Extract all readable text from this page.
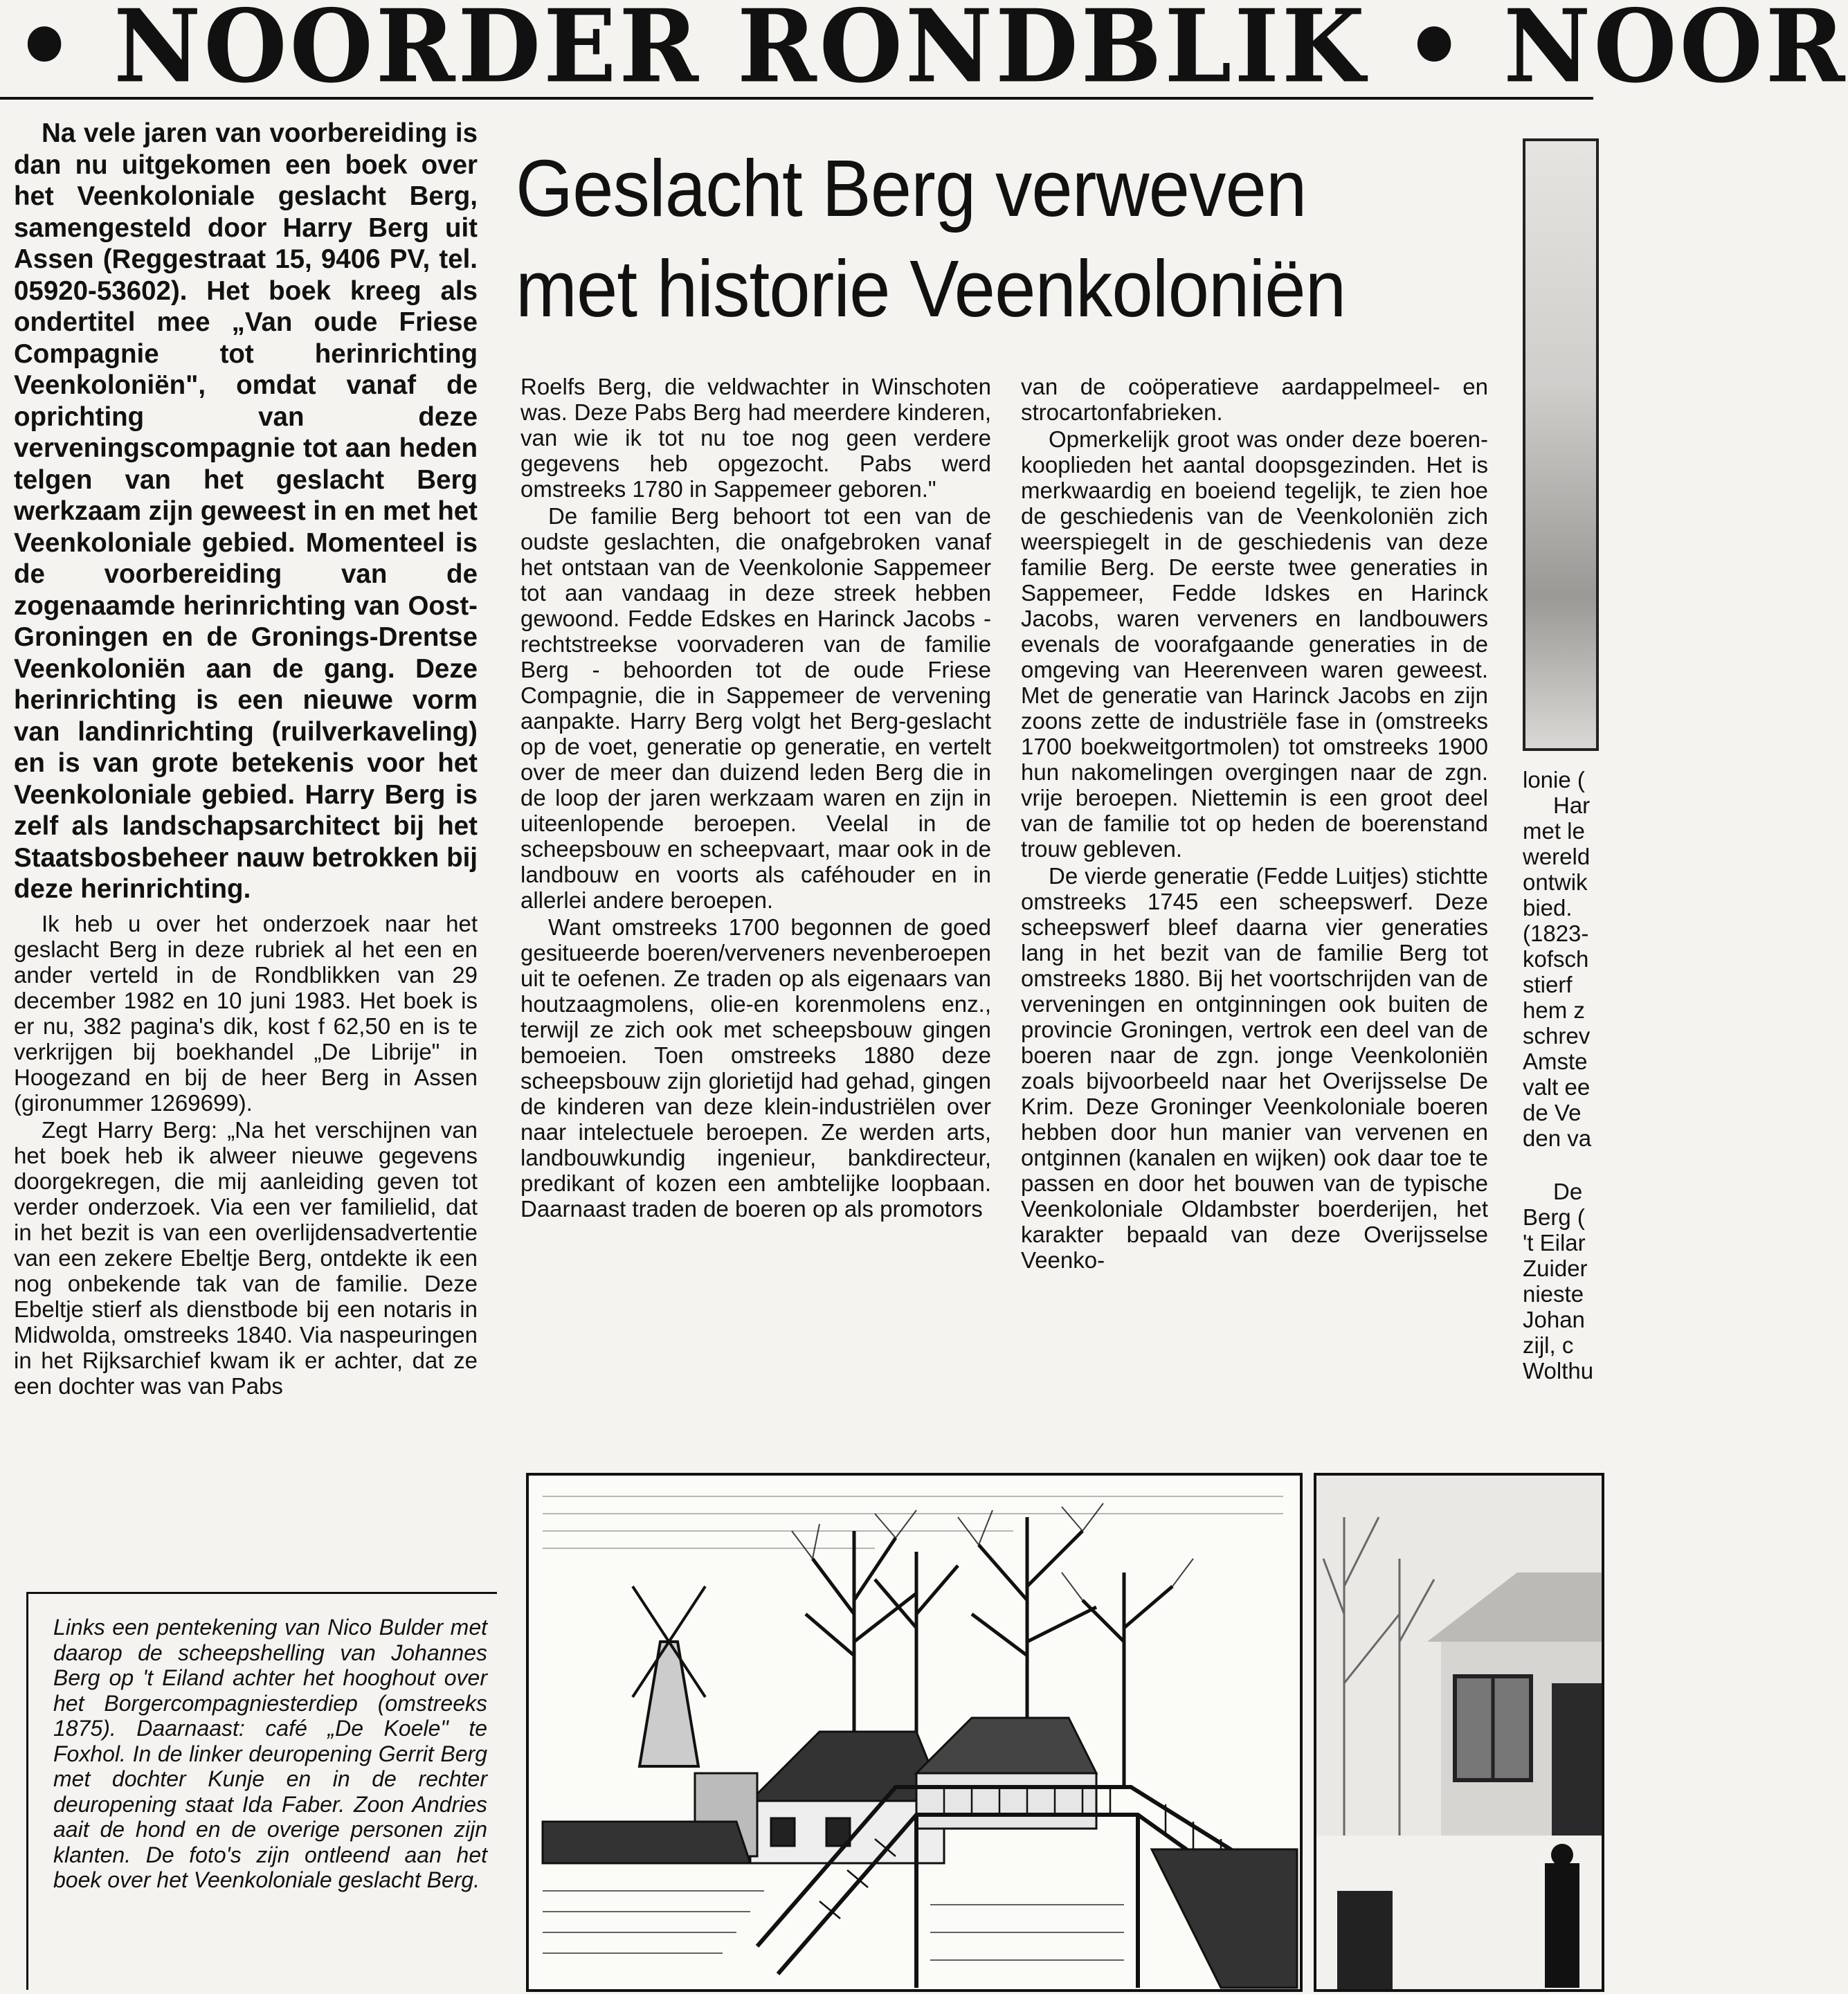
• NOORDER RONDBLIK • NOOR

Na vele jaren van voorbereiding is dan nu uitgekomen een boek over het Veenkoloniale geslacht Berg, samengesteld door Harry Berg uit Assen (Reggestraat 15, 9406 PV, tel. 05920-53602). Het boek kreeg als ondertitel mee „Van oude Friese Compagnie tot herinrichting Veenkoloniën", omdat vanaf de oprichting van deze verveningscompagnie tot aan heden telgen van het geslacht Berg werkzaam zijn geweest in en met het Veenkoloniale gebied. Momenteel is de voorbereiding van de zogenaamde herinrichting van Oost-Groningen en de Gronings-Drentse Veenkoloniën aan de gang. Deze herinrichting is een nieuwe vorm van landinrichting (ruilverkaveling) en is van grote betekenis voor het Veenkoloniale gebied. Harry Berg is zelf als landschapsarchitect bij het Staatsbosbeheer nauw betrokken bij deze herinrichting.

Ik heb u over het onderzoek naar het geslacht Berg in deze rubriek al het een en ander verteld in de Rondblikken van 29 december 1982 en 10 juni 1983. Het boek is er nu, 382 pagina's dik, kost f 62,50 en is te verkrijgen bij boekhandel „De Librije" in Hoogezand en bij de heer Berg in Assen (gironummer 1269699).

Zegt Harry Berg: „Na het verschijnen van het boek heb ik alweer nieuwe gegevens doorgekregen, die mij aanleiding geven tot verder onderzoek. Via een ver familielid, dat in het bezit is van een overlijdensadvertentie van een zekere Ebeltje Berg, ontdekte ik een nog onbekende tak van de familie. Deze Ebeltje stierf als dienstbode bij een notaris in Midwolda, omstreeks 1840. Via naspeuringen in het Rijksarchief kwam ik er achter, dat ze een dochter was van Pabs

Geslacht Berg verweven
met historie Veenkoloniën

Roelfs Berg, die veldwachter in Winschoten was. Deze Pabs Berg had meerdere kinderen, van wie ik tot nu toe nog geen verdere gegevens heb opgezocht. Pabs werd omstreeks 1780 in Sappemeer geboren."

De familie Berg behoort tot een van de oudste geslachten, die onafgebroken vanaf het ontstaan van de Veenkolonie Sappemeer tot aan vandaag in deze streek hebben gewoond. Fedde Edskes en Harinck Jacobs - rechtstreekse voorvaderen van de familie Berg - behoorden tot de oude Friese Compagnie, die in Sappemeer de vervening aanpakte. Harry Berg volgt het Berg-geslacht op de voet, generatie op generatie, en vertelt over de meer dan duizend leden Berg die in de loop der jaren werkzaam waren en zijn in uiteenlopende beroepen. Veelal in de scheepsbouw en scheepvaart, maar ook in de landbouw en voorts als caféhouder en in allerlei andere beroepen.

Want omstreeks 1700 begonnen de goed gesitueerde boeren/verveners nevenberoepen uit te oefenen. Ze traden op als eigenaars van houtzaagmolens, olie-en korenmolens enz., terwijl ze zich ook met scheepsbouw gingen bemoeien. Toen omstreeks 1880 deze scheepsbouw zijn glorietijd had gehad, gingen de kinderen van deze klein-industriëlen over naar intelectuele beroepen. Ze werden arts, landbouwkundig ingenieur, bankdirecteur, predikant of kozen een ambtelijke loopbaan. Daarnaast traden de boeren op als promotors

van de coöperatieve aardappelmeel- en strocartonfabrieken.

Opmerkelijk groot was onder deze boeren-kooplieden het aantal doopsgezinden. Het is merkwaardig en boeiend tegelijk, te zien hoe de geschiedenis van de Veenkoloniën zich weerspiegelt in de geschiedenis van deze familie Berg. De eerste twee generaties in Sappemeer, Fedde Idskes en Harinck Jacobs, waren verveners en landbouwers evenals de voorafgaande generaties in de omgeving van Heerenveen waren geweest. Met de generatie van Harinck Jacobs en zijn zoons zette de industriële fase in (omstreeks 1700 boekweitgortmolen) tot omstreeks 1900 hun nakomelingen overgingen naar de zgn. vrije beroepen. Niettemin is een groot deel van de familie tot op heden de boerenstand trouw gebleven.

De vierde generatie (Fedde Luitjes) stichtte omstreeks 1745 een scheepswerf. Deze scheepswerf bleef daarna vier generaties lang in het bezit van de familie Berg tot omstreeks 1880. Bij het voortschrijden van de verveningen en ontginningen ook buiten de provincie Groningen, vertrok een deel van de boeren naar de zgn. jonge Veenkoloniën zoals bijvoorbeeld naar het Overijsselse De Krim. Deze Groninger Veenkoloniale boeren hebben door hun manier van vervenen en ontginnen (kanalen en wijken) ook daar toe te passen en door het bouwen van de typische Veenkoloniale Oldambster boerderijen, het karakter bepaald van deze Overijsselse Veenko-

lonie (

Har

met le

wereld

ontwik

bied.

(1823-

kofsch

stierf

hem z

schrev

Amste

valt ee

de Ve

den va

De

Berg (

't Eilar

Zuider

nieste

Johan

zijl, c

Wolthu

Links een pentekening van Nico Bulder met daarop de scheepshelling van Johannes Berg op 't Eiland achter het hooghout over het Borgercompagniesterdiep (omstreeks 1875). Daarnaast: café „De Koele" te Foxhol. In de linker deuropening Gerrit Berg met dochter Kunje en in de rechter deuropening staat Ida Faber. Zoon Andries aait de hond en de overige personen zijn klanten. De foto's zijn ontleend aan het boek over het Veenkoloniale geslacht Berg.
